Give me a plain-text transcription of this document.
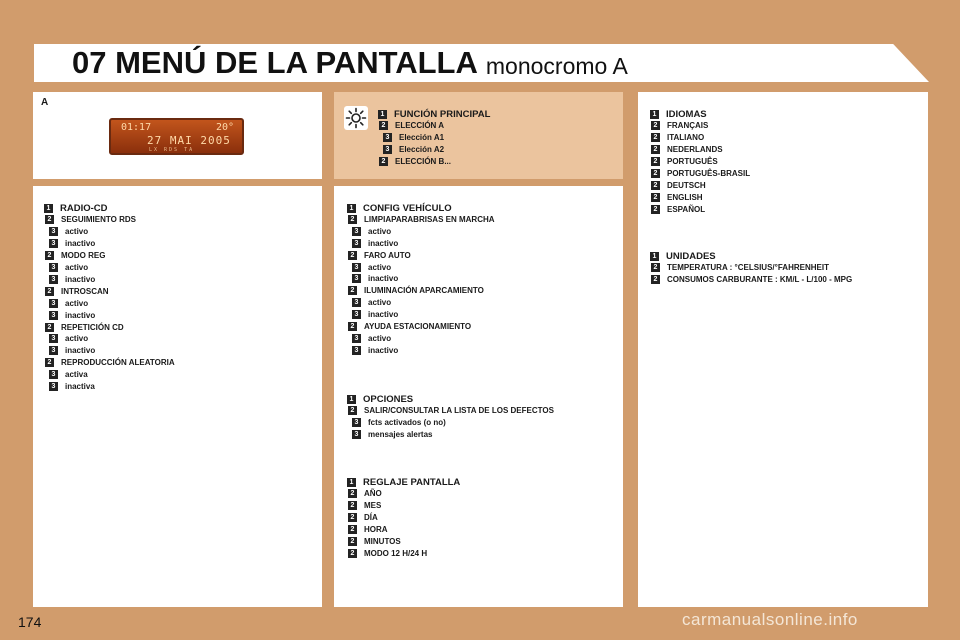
07 MENÚ DE LA PANTALLA monocromo A
A
01:17	20°
27 MAI 2005
LX RDS TA
1 FUNCIÓN PRINCIPAL
2	ELECCIÓN A
3	Elección A1
3	Elección A2
2	ELECCIÓN B...
1 RADIO-CD
2	SEGUIMIENTO RDS
3	activo
3	inactivo
2	MODO REG
3	activo
3	inactivo
2	INTROSCAN
3	activo
3	inactivo
2	REPETICIÓN CD
3	activo
3	inactivo
2	REPRODUCCIÓN ALEATORIA
3	activa
3	inactiva
1 CONFIG VEHÍCULO
2	LIMPIAPARABRISAS EN MARCHA
3	activo
3	inactivo
2	FARO AUTO
3	activo
3	inactivo
2	ILUMINACIÓN APARCAMIENTO
3	activo
3	inactivo
2	AYUDA ESTACIONAMIENTO
3	activo
3	inactivo
1 OPCIONES
2	SALIR/CONSULTAR LA LISTA DE LOS DEFECTOS
3	fcts activados (o no)
3	mensajes alertas
1 REGLAJE PANTALLA
2	AÑO
2	MES
2	DÍA
2	HORA
2	MINUTOS
2	MODO 12 H/24 H
1 IDIOMAS
2	FRANÇAIS
2	ITALIANO
2	NEDERLANDS
2	PORTUGUÊS
2	PORTUGUÊS-BRASIL
2	DEUTSCH
2	ENGLISH
2	ESPAÑOL
1 UNIDADES
2	TEMPERATURA : °CELSIUS/°FAHRENHEIT
2	CONSUMOS CARBURANTE : KM/L - L/100 - MPG
174	carmanualsonline.info
